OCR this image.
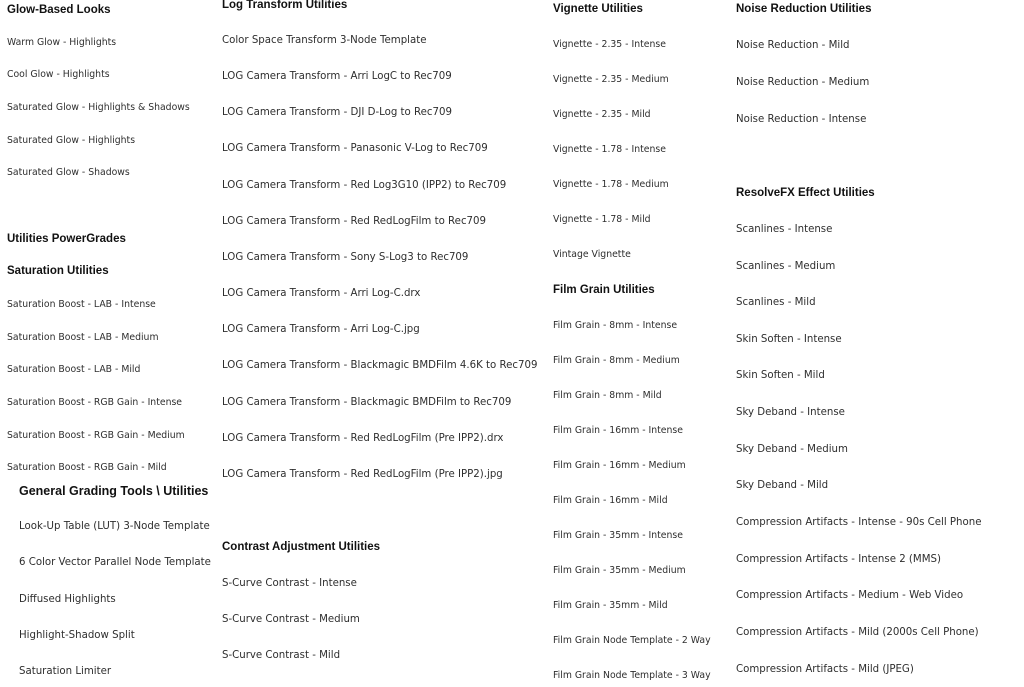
Glow-Based Looks
Warm Glow - Highlights
Cool Glow - Highlights
Saturated Glow - Highlights & Shadows
Saturated Glow - Highlights
Saturated Glow - Shadows
Utilities PowerGrades
Saturation Utilities
Saturation Boost - LAB - Intense
Saturation Boost - LAB - Medium
Saturation Boost - LAB - Mild
Saturation Boost - RGB Gain - Intense
Saturation Boost - RGB Gain - Medium
Saturation Boost - RGB Gain - Mild
General Grading Tools \ Utilities
Look-Up Table (LUT) 3-Node Template
6 Color Vector Parallel Node Template
Diffused Highlights
Highlight-Shadow Split
Saturation Limiter
Log Transform Utilities
Color Space Transform 3-Node Template
LOG Camera Transform - Arri LogC to Rec709
LOG Camera Transform - DJI D-Log to Rec709
LOG Camera Transform - Panasonic V-Log to Rec709
LOG Camera Transform - Red Log3G10 (IPP2) to Rec709
LOG Camera Transform - Red RedLogFilm to Rec709
LOG Camera Transform - Sony S-Log3 to Rec709
LOG Camera Transform - Arri Log-C.drx
LOG Camera Transform - Arri Log-C.jpg
LOG Camera Transform - Blackmagic BMDFilm 4.6K to Rec709
LOG Camera Transform - Blackmagic BMDFilm to Rec709
LOG Camera Transform - Red RedLogFilm (Pre IPP2).drx
LOG Camera Transform - Red RedLogFilm (Pre IPP2).jpg
Contrast Adjustment Utilities
S-Curve Contrast - Intense
S-Curve Contrast - Medium
S-Curve Contrast - Mild
Vignette Utilities
Vignette - 2.35 - Intense
Vignette - 2.35 - Medium
Vignette - 2.35 - Mild
Vignette - 1.78 - Intense
Vignette - 1.78 - Medium
Vignette - 1.78 - Mild
Vintage Vignette
Film Grain Utilities
Film Grain - 8mm - Intense
Film Grain - 8mm - Medium
Film Grain - 8mm - Mild
Film Grain - 16mm - Intense
Film Grain - 16mm - Medium
Film Grain - 16mm - Mild
Film Grain - 35mm - Intense
Film Grain - 35mm - Medium
Film Grain - 35mm - Mild
Film Grain Node Template - 2 Way
Film Grain Node Template - 3 Way
Noise Reduction Utilities
Noise Reduction - Mild
Noise Reduction - Medium
Noise Reduction - Intense
ResolveFX Effect Utilities
Scanlines - Intense
Scanlines - Medium
Scanlines - Mild
Skin Soften - Intense
Skin Soften - Mild
Sky Deband - Intense
Sky Deband - Medium
Sky Deband - Mild
Compression Artifacts - Intense - 90s Cell Phone
Compression Artifacts - Intense 2 (MMS)
Compression Artifacts - Medium - Web Video
Compression Artifacts - Mild (2000s Cell Phone)
Compression Artifacts - Mild (JPEG)
